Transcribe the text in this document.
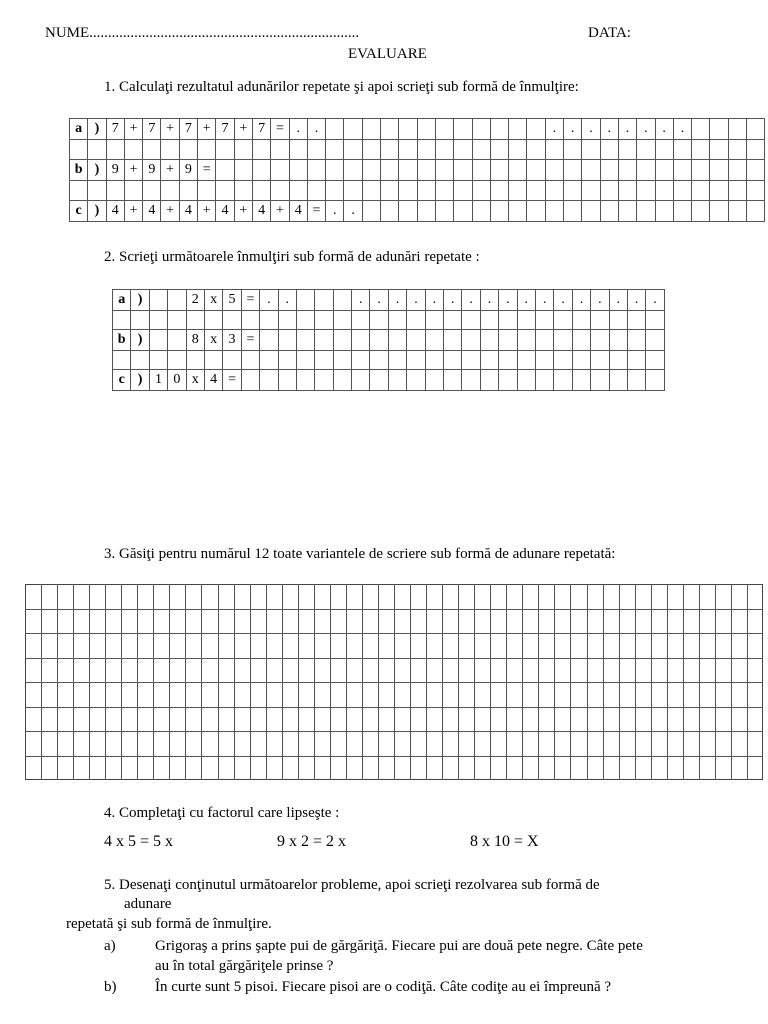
NUME........................................................................	DATA:
EVALUARE
1. Calculaţi rezultatul adunărilor repetate şi apoi scrieţi sub formă de înmulţire:
a	)	7	+	7	+	7	+	7	+	7	=	.	.													.	.	.	.	.	.	.	.				

b	)	9	+	9	+	9	=																														

c	)	4	+	4	+	4	+	4	+	4	+	4	=	.	.																						
2. Scrieţi următoarele înmulţiri sub formă de adunări repetate :
a	)			2	x	5	=	.	.				.	.	.	.	.	.	.	.	.	.	.	.	.	.	.	.	.

b	)			8	x	3	=																						

c	)	1	0	x	4	=																							
3. Găsiţi pentru numărul 12 toate variantele de scriere sub formă de adunare repetată:
4. Completaţi cu factorul care lipseşte :
4 x 5 = 5 x	9 x 2 = 2 x	8 x 10 = X
5. Desenaţi conţinutul următoarelor probleme, apoi scrieţi rezolvarea sub formă de
adunare
repetată şi sub formă de înmulţire.
a)	Grigoraş a prins şapte pui de gărgăriţă. Fiecare pui are două pete negre. Câte pete
au în total gărgăriţele prinse ?
b)	În curte sunt 5 pisoi. Fiecare pisoi are o codiţă. Câte codiţe au ei împreună ?
